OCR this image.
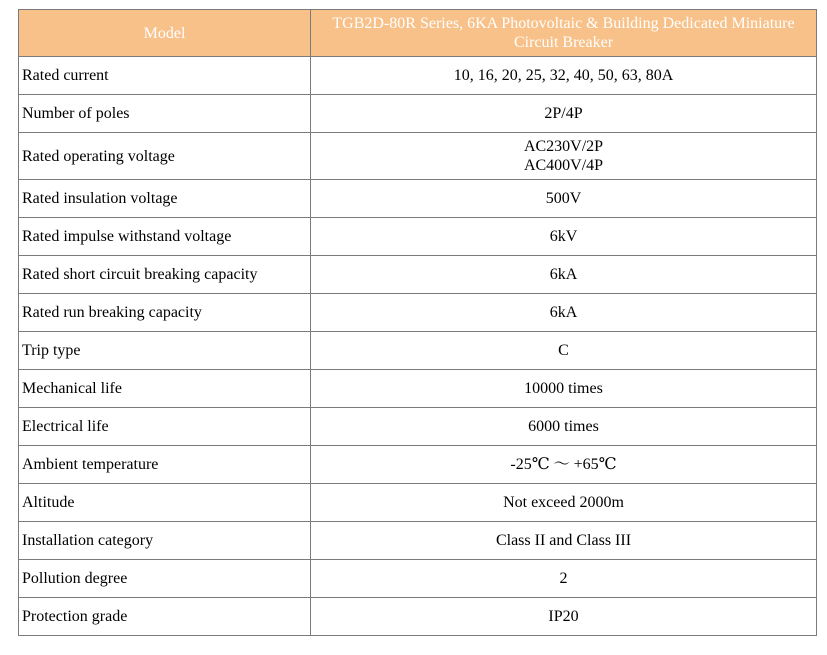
Model	TGB2D-80R Series, 6KA Photovoltaic & Building Dedicated Miniature Circuit Breaker
Rated current	10, 16, 20, 25, 32, 40, 50, 63, 80A
Number of poles	2P/4P
Rated operating voltage	AC230V/2P
AC400V/4P

Rated insulation voltage	500V
Rated impulse withstand voltage	6kV
Rated short circuit breaking capacity	6kA
Rated run breaking capacity	6kA
Trip type	C
Mechanical life	10000 times
Electrical life	6000 times
Ambient temperature	-25℃ ～ +65℃
Altitude	Not exceed 2000m
Installation category	Class II and Class III
Pollution degree	2
Protection grade	IP20
